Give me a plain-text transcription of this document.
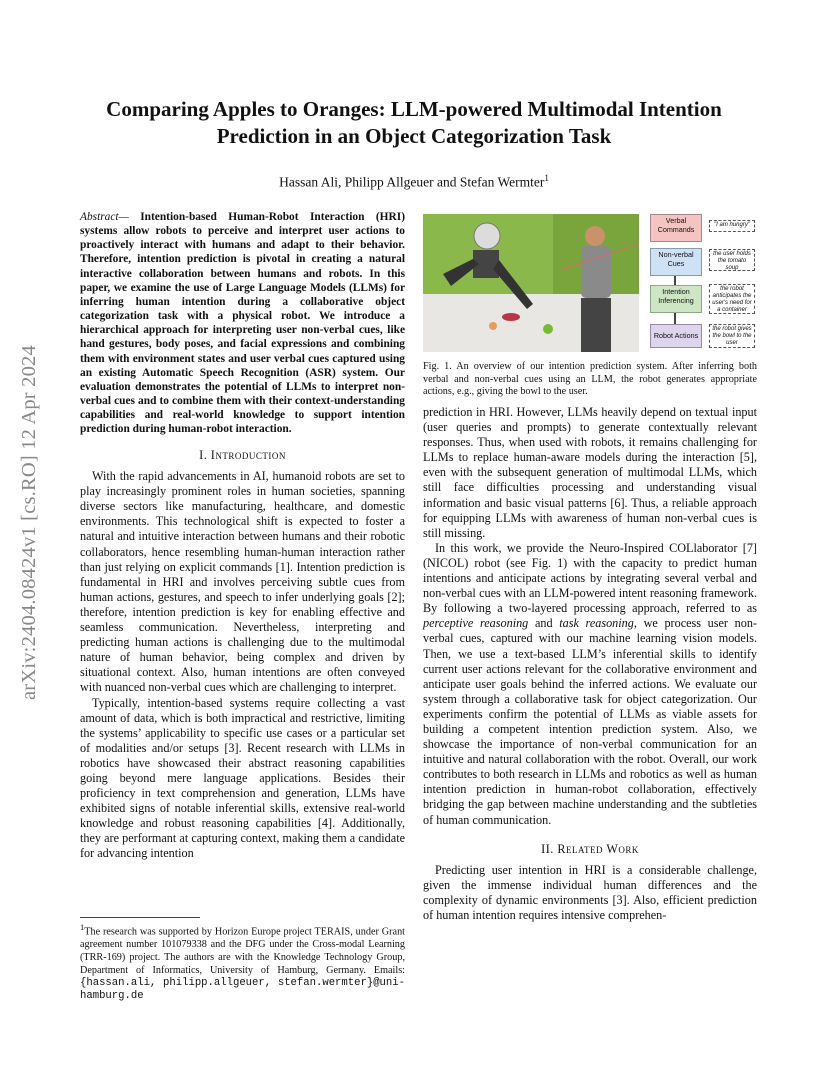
arXiv:2404.08424v1 [cs.RO] 12 Apr 2024
Comparing Apples to Oranges: LLM-powered Multimodal Intention Prediction in an Object Categorization Task
Hassan Ali, Philipp Allgeuer and Stefan Wermter$^1$
Abstract— Intention-based Human-Robot Interaction (HRI) systems allow robots to perceive and interpret user actions to proactively interact with humans and adapt to their behavior. Therefore, intention prediction is pivotal in creating a natural interactive collaboration between humans and robots. In this paper, we examine the use of Large Language Models (LLMs) for inferring human intention during a collaborative object categorization task with a physical robot. We introduce a hierarchical approach for interpreting user non-verbal cues, like hand gestures, body poses, and facial expressions and combining them with environment states and user verbal cues captured using an existing Automatic Speech Recognition (ASR) system. Our evaluation demonstrates the potential of LLMs to interpret non-verbal cues and to combine them with their context-understanding capabilities and real-world knowledge to support intention prediction during human-robot interaction.
I. Introduction

With the rapid advancements in AI, humanoid robots are set to play increasingly prominent roles in human societies, spanning diverse sectors like manufacturing, healthcare, and domestic environments. This technological shift is expected to foster a natural and intuitive interaction between humans and their robotic collaborators, hence resembling human-human interaction rather than just relying on explicit commands [1]. Intention prediction is fundamental in HRI and involves perceiving subtle cues from human actions, gestures, and speech to infer underlying goals [2]; therefore, intention prediction is key for enabling effective and seamless communication. Nevertheless, interpreting and predicting human actions is challenging due to the multimodal nature of human behavior, being complex and driven by situational context. Also, human intentions are often conveyed with nuanced non-verbal cues which are challenging to interpret.

Typically, intention-based systems require collecting a vast amount of data, which is both impractical and restrictive, limiting the systems’ applicability to specific use cases or a particular set of modalities and/or setups [3]. Recent research with LLMs in robotics have showcased their abstract reasoning capabilities going beyond mere language applications. Besides their proficiency in text comprehension and generation, LLMs have exhibited signs of notable inferential skills, extensive real-world knowledge and robust reasoning capabilities [4]. Additionally, they are performant at capturing context, making them a candidate for advancing intention

$^1$The research was supported by Horizon Europe project TERAIS, under Grant agreement number 101079338 and the DFG under the Cross-modal Learning (TRR-169) project. The authors are with the Knowledge Technology Group, Department of Informatics, University of Hamburg, Germany. Emails: {hassan.ali, philipp.allgeuer, stefan.wermter}@uni-hamburg.de
Verbal Commands
Non-verbal Cues
Intention Inferencing
Robot Actions
"I am hungry"
the user holds the tomato soup
the robot anticipates the user's need for a container
the robot gives the bowl to the user
Fig. 1. An overview of our intention prediction system. After inferring both verbal and non-verbal cues using an LLM, the robot generates appropriate actions, e.g., giving the bowl to the user.

prediction in HRI. However, LLMs heavily depend on textual input (user queries and prompts) to generate contextually relevant responses. Thus, when used with robots, it remains challenging for LLMs to replace human-aware models during the interaction [5], even with the subsequent generation of multimodal LLMs, which still face difficulties processing and understanding visual information and basic visual patterns [6]. Thus, a reliable approach for equipping LLMs with awareness of human non-verbal cues is still missing.

In this work, we provide the Neuro-Inspired COLlaborator [7] (NICOL) robot (see Fig. 1) with the capacity to predict human intentions and anticipate actions by integrating several verbal and non-verbal cues with an LLM-powered intent reasoning framework. By following a two-layered processing approach, referred to as perceptive reasoning and task reasoning, we process user non-verbal cues, captured with our machine learning vision models. Then, we use a text-based LLM’s inferential skills to identify current user actions relevant for the collaborative environment and anticipate user goals behind the inferred actions. We evaluate our system through a collaborative task for object categorization. Our experiments confirm the potential of LLMs as viable assets for building a competent intention prediction system. Also, we showcase the importance of non-verbal communication for an intuitive and natural collaboration with the robot. Overall, our work contributes to both research in LLMs and robotics as well as human intention prediction in human-robot collaboration, effectively bridging the gap between machine understanding and the subtleties of human communication.

II. Related Work

Predicting user intention in HRI is a considerable challenge, given the immense individual human differences and the complexity of dynamic environments [3]. Also, efficient prediction of human intention requires intensive comprehen-
